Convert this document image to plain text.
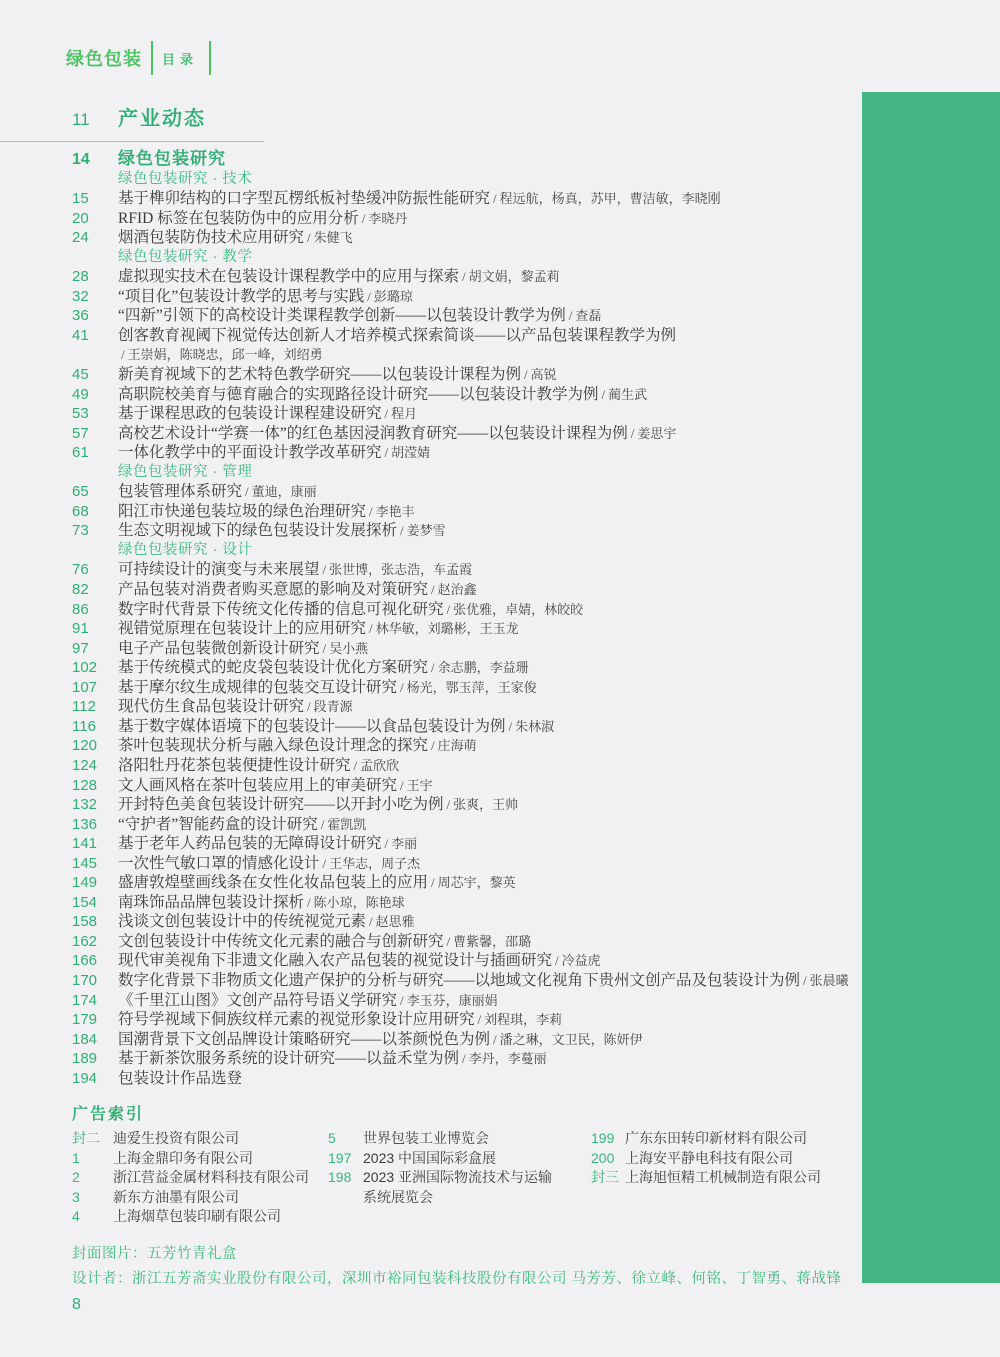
绿色包装 目录
11	产业动态
14	绿色包装研究
绿色包装研究 · 技术
15	基于榫卯结构的口字型瓦楞纸板衬垫缓冲防振性能研究 / 程远航，杨真，苏甲，曹洁敏，李晓刚
20	RFID 标签在包装防伪中的应用分析 / 李晓丹
24	烟酒包装防伪技术应用研究 / 朱健飞
绿色包装研究 · 教学
28	虚拟现实技术在包装设计课程教学中的应用与探索 / 胡文娟，黎孟莉
32	“项目化”包装设计教学的思考与实践 / 彭璐琼
36	“四新”引领下的高校设计类课程教学创新——以包装设计教学为例 / 查磊
41	创客教育视阈下视觉传达创新人才培养模式探索简谈——以产品包装课程教学为例
/ 王崇娟，陈晓忠，邱一峰，刘绍勇
45	新美育视域下的艺术特色教学研究——以包装设计课程为例 / 高锐
49	高职院校美育与德育融合的实现路径设计研究——以包装设计教学为例 / 蔺生武
53	基于课程思政的包装设计课程建设研究 / 程月
57	高校艺术设计“学赛一体”的红色基因浸润教育研究——以包装设计课程为例 / 姜思宇
61	一体化教学中的平面设计教学改革研究 / 胡滢婧
绿色包装研究 · 管理
65	包装管理体系研究 / 董迪，康丽
68	阳江市快递包装垃圾的绿色治理研究 / 李艳丰
73	生态文明视域下的绿色包装设计发展探析 / 姜梦雪
绿色包装研究 · 设计
76	可持续设计的演变与未来展望 / 张世博，张志浩，车孟霞
82	产品包装对消费者购买意愿的影响及对策研究 / 赵治鑫
86	数字时代背景下传统文化传播的信息可视化研究 / 张优雅，卓婧，林皎皎
91	视错觉原理在包装设计上的应用研究 / 林华敏，刘璐彬，王玉龙
97	电子产品包装微创新设计研究 / 吴小燕
102	基于传统模式的蛇皮袋包装设计优化方案研究 / 余志鹏，李益珊
107	基于摩尔纹生成规律的包装交互设计研究 / 杨光，鄂玉萍，王家俊
112	现代仿生食品包装设计研究 / 段青源
116	基于数字媒体语境下的包装设计——以食品包装设计为例 / 朱林淑
120	茶叶包装现状分析与融入绿色设计理念的探究 / 庄海萌
124	洛阳牡丹花茶包装便捷性设计研究 / 孟欣欣
128	文人画风格在茶叶包装应用上的审美研究 / 王宇
132	开封特色美食包装设计研究——以开封小吃为例 / 张爽，王帅
136	“守护者”智能药盒的设计研究 / 霍凯凯
141	基于老年人药品包装的无障碍设计研究 / 李丽
145	一次性气敏口罩的情感化设计 / 王华志，周子杰
149	盛唐敦煌壁画线条在女性化妆品包装上的应用 / 周芯宇，黎英
154	南珠饰品品牌包装设计探析 / 陈小琼，陈艳球
158	浅谈文创包装设计中的传统视觉元素 / 赵思雅
162	文创包装设计中传统文化元素的融合与创新研究 / 曹紫馨，邵璐
166	现代审美视角下非遗文化融入农产品包装的视觉设计与插画研究 / 冷益虎
170	数字化背景下非物质文化遗产保护的分析与研究——以地域文化视角下贵州文创产品及包装设计为例 / 张晨曦
174	《千里江山图》文创产品符号语义学研究 / 李玉芬，康丽娟
179	符号学视域下侗族纹样元素的视觉形象设计应用研究 / 刘程琪，李莉
184	国潮背景下文创品牌设计策略研究——以茶颜悦色为例 / 潘之琳，文卫民，陈妍伊
189	基于新茶饮服务系统的设计研究——以益禾堂为例 / 李丹，李蔓丽
194	包装设计作品选登
广告索引
封二 迪爱生投资有限公司
1	上海金鼎印务有限公司
2	浙江营益金属材料科技有限公司
3	新东方油墨有限公司
4	上海烟草包装印刷有限公司
5	世界包装工业博览会
197 2023 中国国际彩盒展
198 2023 亚洲国际物流技术与运输
系统展览会
199 广东东田转印新材料有限公司
200 上海安平静电科技有限公司
封三 上海旭恒精工机械制造有限公司
封面图片：五芳竹青礼盒
设计者：浙江五芳斋实业股份有限公司，深圳市裕同包装科技股份有限公司 马芳芳、徐立峰、何铭、丁智勇、蒋战锋
8
